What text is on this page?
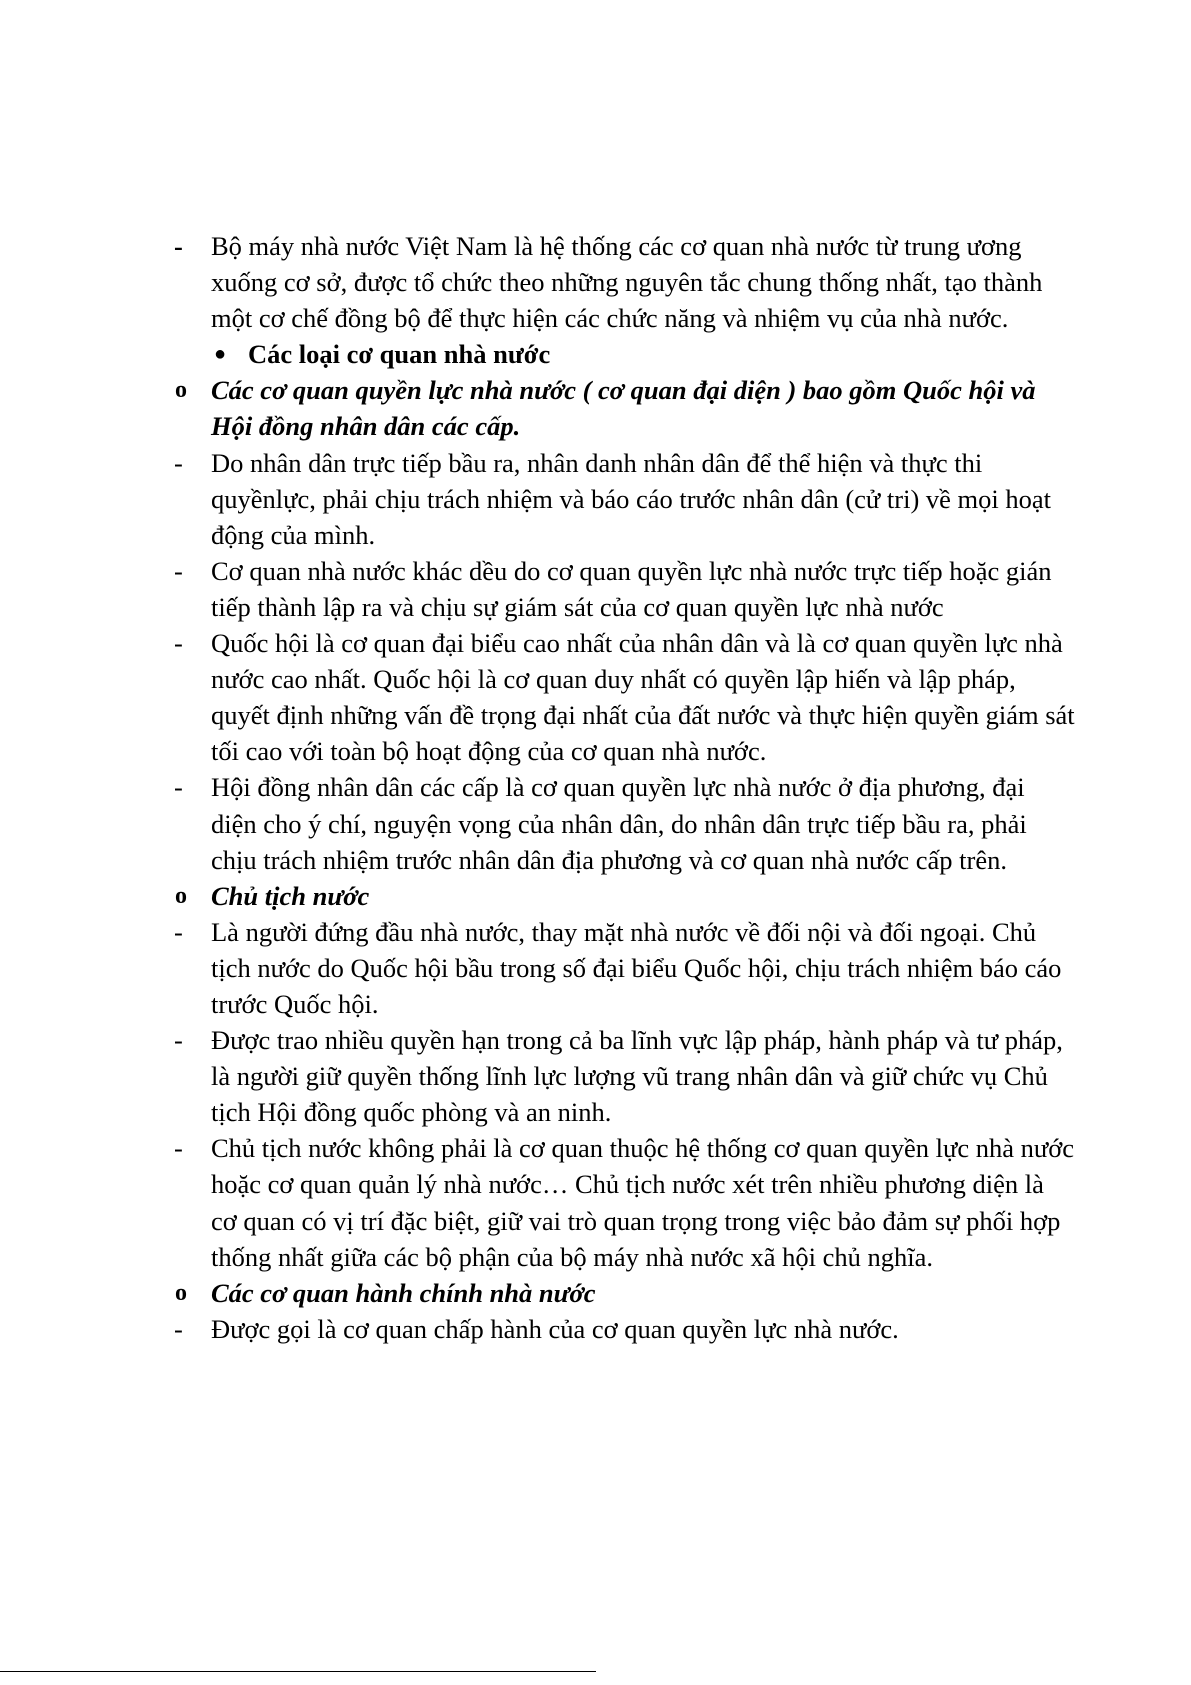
- Bộ máy nhà nước Việt Nam là hệ thống các cơ quan nhà nước từ trung ương xuống cơ sở, được tổ chức theo những nguyên tắc chung thống nhất, tạo thành một cơ chế đồng bộ để thực hiện các chức năng và nhiệm vụ của nhà nước.
● Các loại cơ quan nhà nước
o Các cơ quan quyền lực nhà nước ( cơ quan đại diện ) bao gồm Quốc hội và Hội đồng nhân dân các cấp.
- Do nhân dân trực tiếp bầu ra, nhân danh nhân dân để thể hiện và thực thi quyềnlực, phải chịu trách nhiệm và báo cáo trước nhân dân (cử tri) về mọi hoạt động của mình.
- Cơ quan nhà nước khác dều do cơ quan quyền lực nhà nước trực tiếp hoặc gián tiếp thành lập ra và chịu sự giám sát của cơ quan quyền lực nhà nước
- Quốc hội là cơ quan đại biểu cao nhất của nhân dân và là cơ quan quyền lực nhà nước cao nhất. Quốc hội là cơ quan duy nhất có quyền lập hiến và lập pháp, quyết định những vấn đề trọng đại nhất của đất nước và thực hiện quyền giám sát tối cao với toàn bộ hoạt động của cơ quan nhà nước.
- Hội đồng nhân dân các cấp là cơ quan quyền lực nhà nước ở địa phương, đại diện cho ý chí, nguyện vọng của nhân dân, do nhân dân trực tiếp bầu ra, phải chịu trách nhiệm trước nhân dân địa phương và cơ quan nhà nước cấp trên.
o Chủ tịch nước
- Là người đứng đầu nhà nước, thay mặt nhà nước về đối nội và đối ngoại. Chủ tịch nước do Quốc hội bầu trong số đại biểu Quốc hội, chịu trách nhiệm báo cáo trước Quốc hội.
- Được trao nhiều quyền hạn trong cả ba lĩnh vực lập pháp, hành pháp và tư pháp, là người giữ quyền thống lĩnh lực lượng vũ trang nhân dân và giữ chức vụ Chủ tịch Hội đồng quốc phòng và an ninh.
- Chủ tịch nước không phải là cơ quan thuộc hệ thống cơ quan quyền lực nhà nước hoặc cơ quan quản lý nhà nước… Chủ tịch nước xét trên nhiều phương diện là cơ quan có vị trí đặc biệt, giữ vai trò quan trọng trong việc bảo đảm sự phối hợp thống nhất giữa các bộ phận của bộ máy nhà nước xã hội chủ nghĩa.
o Các cơ quan hành chính nhà nước
- Được gọi là cơ quan chấp hành của cơ quan quyền lực nhà nước.
